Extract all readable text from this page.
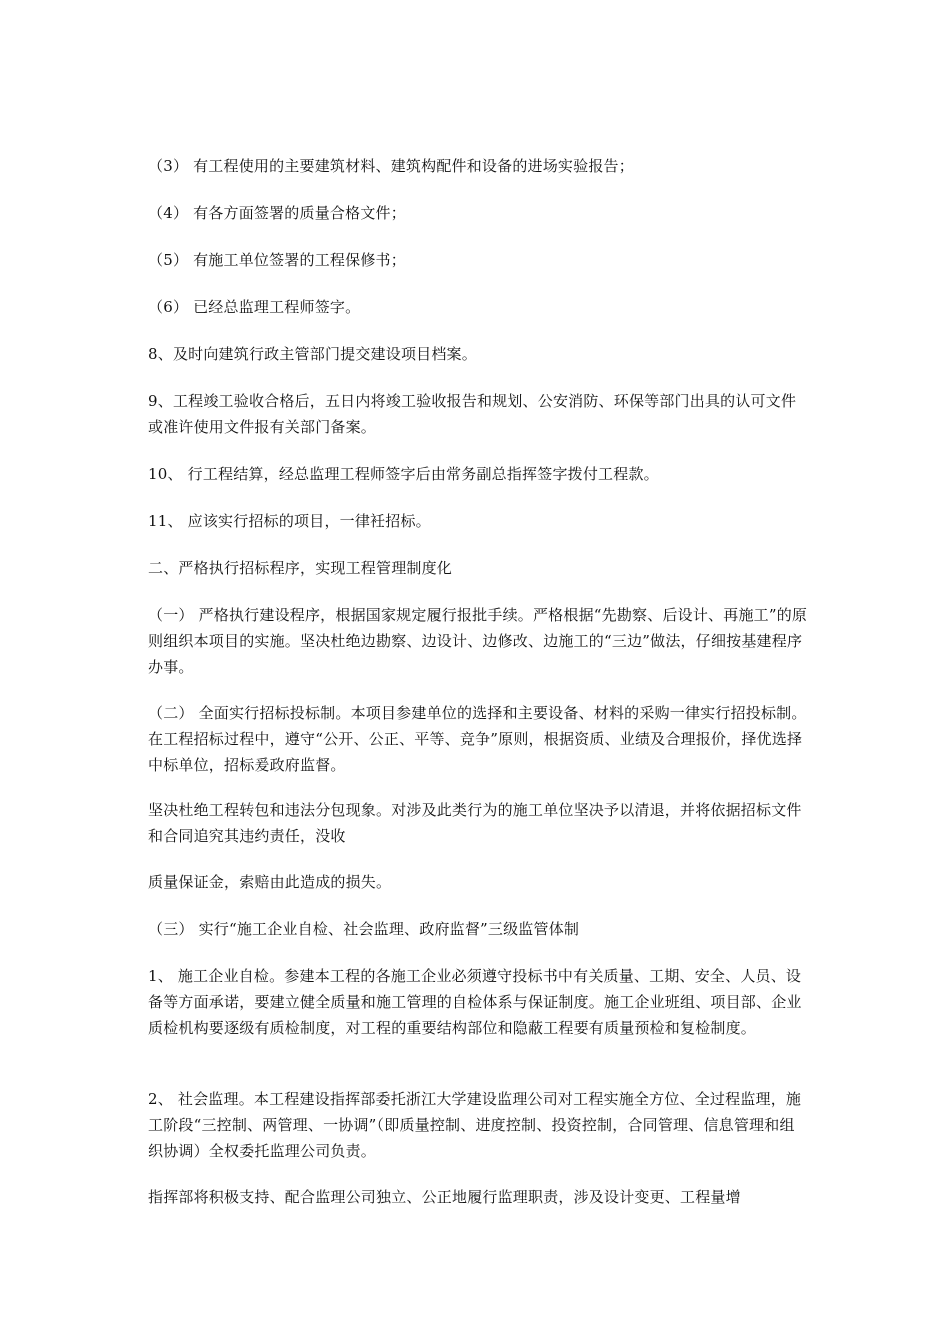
（3） 有工程使用的主要建筑材料、建筑构配件和设备的进场实验报告；

（4） 有各方面签署的质量合格文件；

（5） 有施工单位签署的工程保修书；

（6） 已经总监理工程师签字。

8、及时向建筑行政主管部门提交建设项目档案。

9、工程竣工验收合格后，五日内将竣工验收报告和规划、公安消防、环保等部门出具的认可文件或准许使用文件报有关部门备案。

10、 行工程结算，经总监理工程师签字后由常务副总指挥签字拨付工程款。

11、 应该实行招标的项目，一律衽招标。

二、严格执行招标程序，实现工程管理制度化

（一） 严格执行建设程序，根据国家规定履行报批手续。严格根据“先勘察、后设计、再施工”的原则组织本项目的实施。坚决杜绝边勘察、边设计、边修改、边施工的“三边”做法，仔细按基建程序办事。

（二） 全面实行招标投标制。本项目参建单位的选择和主要设备、材料的采购一律实行招投标制。在工程招标过程中，遵守“公开、公正、平等、竞争”原则，根据资质、业绩及合理报价，择优选择中标单位，招标爰政府监督。

坚决杜绝工程转包和违法分包现象。对涉及此类行为的施工单位坚决予以清退，并将依据招标文件和合同追究其违约责任，没收

质量保证金，索赔由此造成的损失。

（三） 实行“施工企业自检、社会监理、政府监督”三级监管体制

1、 施工企业自检。参建本工程的各施工企业必须遵守投标书中有关质量、工期、安全、人员、设备等方面承诺，要建立健全质量和施工管理的自检体系与保证制度。施工企业班组、项目部、企业质检机构要逐级有质检制度，对工程的重要结构部位和隐蔽工程要有质量预检和复检制度。

2、 社会监理。本工程建设指挥部委托浙江大学建设监理公司对工程实施全方位、全过程监理，施工阶段“三控制、两管理、一协调”（即质量控制、进度控制、投资控制，合同管理、信息管理和组织协调）全权委托监理公司负责。

指挥部将积极支持、配合监理公司独立、公正地履行监理职责，涉及设计变更、工程量增
